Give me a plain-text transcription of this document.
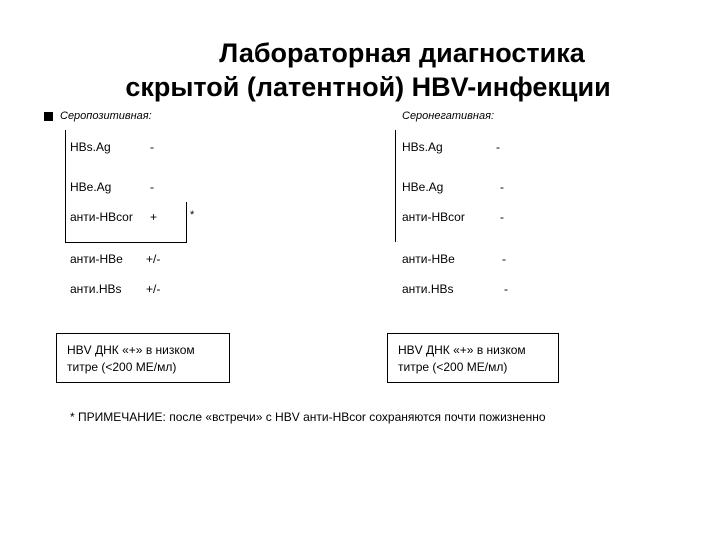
Лабораторная диагностика
скрытой (латентной) HBV-инфекции
Серопозитивная:	Серонегативная:
HBs.Ag	-
HBe.Ag	-
анти-HBcor +	*
анти-HBe +/-
анти.HBs +/-
HBs.Ag	-
HBe.Ag	-
анти-HBcor	-
анти-HBe	-
анти.HBs	-
HBV ДНК «+» в низком титре (<200 МЕ/мл)
HBV ДНК «+» в низком титре (<200 МЕ/мл)
* ПРИМЕЧАНИЕ: после «встречи» с HBV анти-HBcor сохраняются почти пожизненно
